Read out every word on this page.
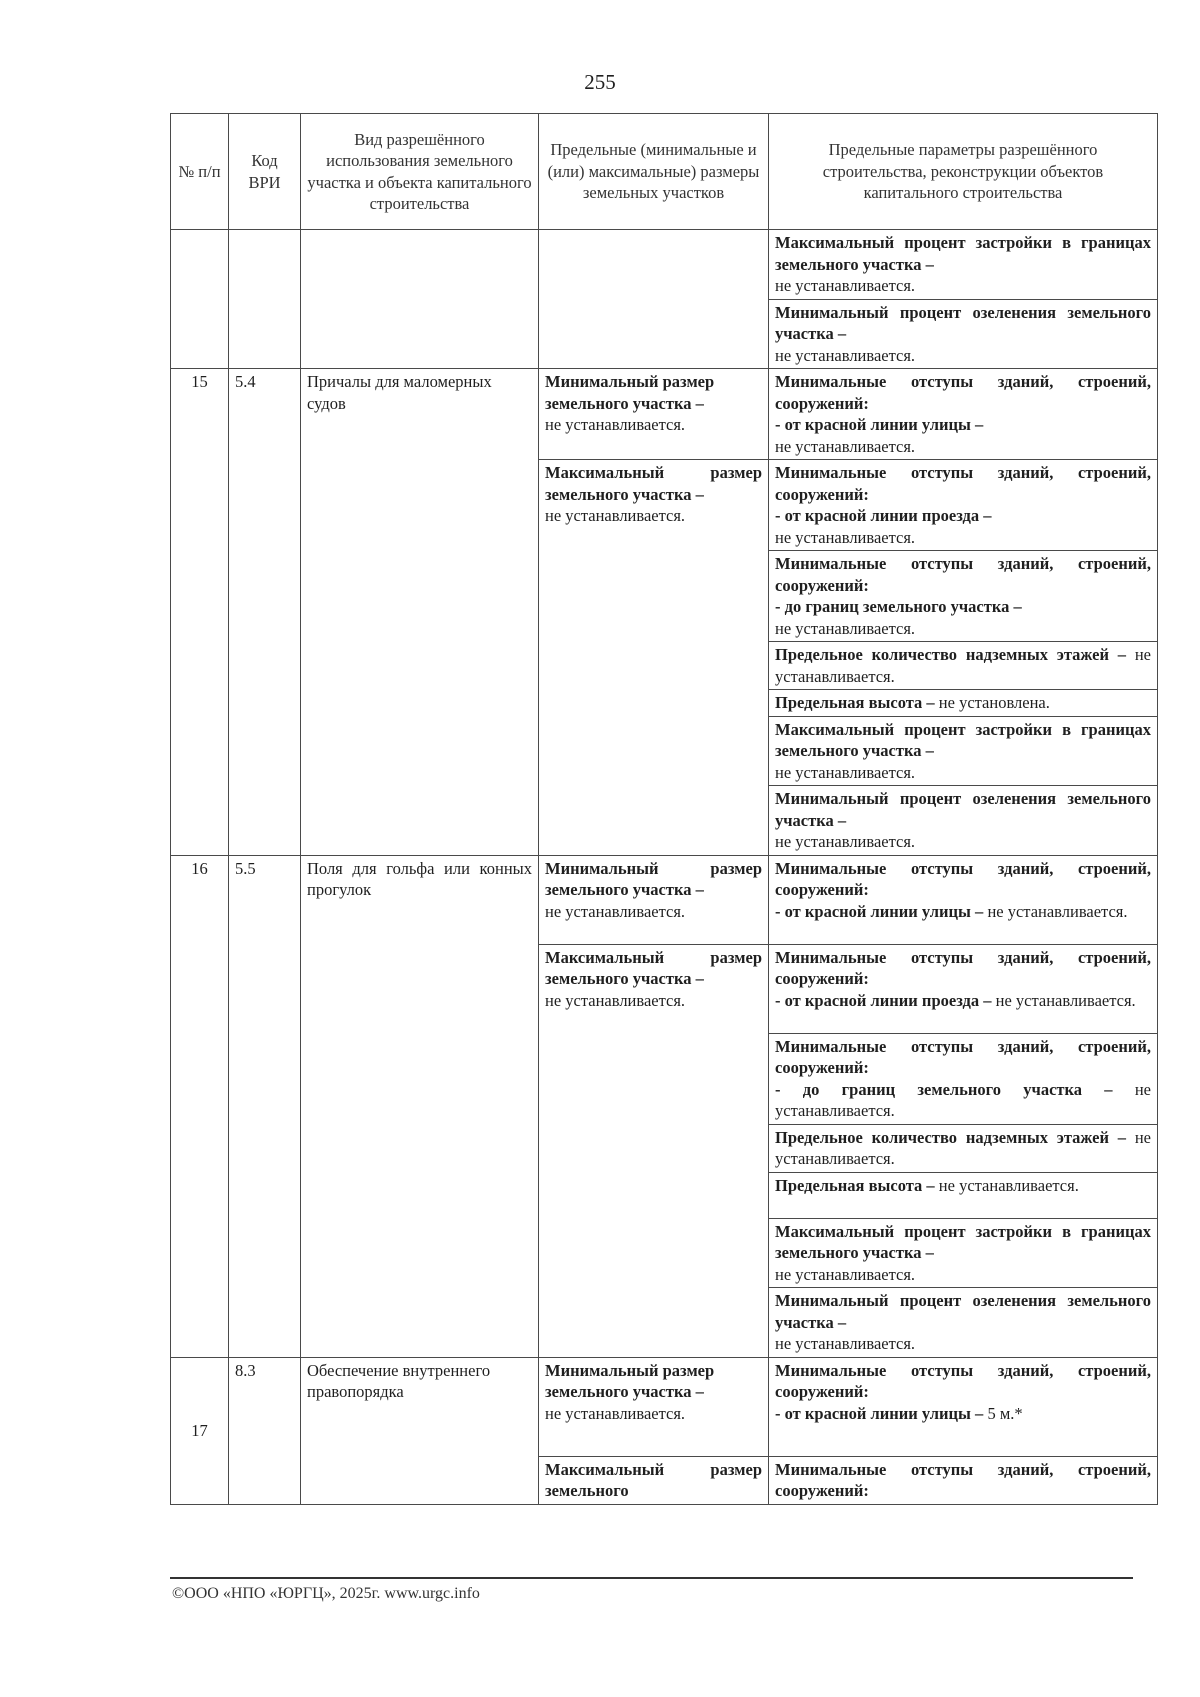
255
№ п/п	Код ВРИ	Вид разрешённого использования земельного участка и объекта капитального строительства	Предельные (минимальные и (или) максимальные) размеры земельных участков	Предельные параметры разрешённого строительства, реконструкции объектов капитального строительства
				Максимальный процент застройки в границах земельного участка –
не устанавливается.
				Минимальный процент озеленения земельного участка –
не устанавливается.
15	5.4	Причалы для маломерных судов	Минимальный размер земельного участка –
не устанавливается.	Минимальные отступы зданий, строений, сооружений:
- от красной линии улицы –
не устанавливается.
			Максимальный размер земельного участка –
не устанавливается.	Минимальные отступы зданий, строений, сооружений:
- от красной линии проезда –
не устанавливается.
				Минимальные отступы зданий, строений, сооружений:
- до границ земельного участка –
не устанавливается.
				Предельное количество надземных этажей – не устанавливается.
				Предельная высота – не установлена.
				Максимальный процент застройки в границах земельного участка –
не устанавливается.
				Минимальный процент озеленения земельного участка –
не устанавливается.
16	5.5	Поля для гольфа или конных прогулок	Минимальный размер земельного участка –
не устанавливается.	Минимальные отступы зданий, строений, сооружений:
- от красной линии улицы – не устанавливается.
			Максимальный размер земельного участка –
не устанавливается.	Минимальные отступы зданий, строений, сооружений:
- от красной линии проезда – не устанавливается.
				Минимальные отступы зданий, строений, сооружений:
- до границ земельного участка – не устанавливается.
				Предельное количество надземных этажей – не устанавливается.
				Предельная высота – не устанавливается.
				Максимальный процент застройки в границах земельного участка –
не устанавливается.
				Минимальный процент озеленения земельного участка –
не устанавливается.
17	8.3	Обеспечение внутреннего правопорядка	Минимальный размер земельного участка –
не устанавливается.	Минимальные отступы зданий, строений, сооружений:
- от красной линии улицы – 5 м.*
			Максимальный размер земельного	Минимальные отступы зданий, строений, сооружений:
©ООО «НПО «ЮРГЦ», 2025г. www.urgc.info
